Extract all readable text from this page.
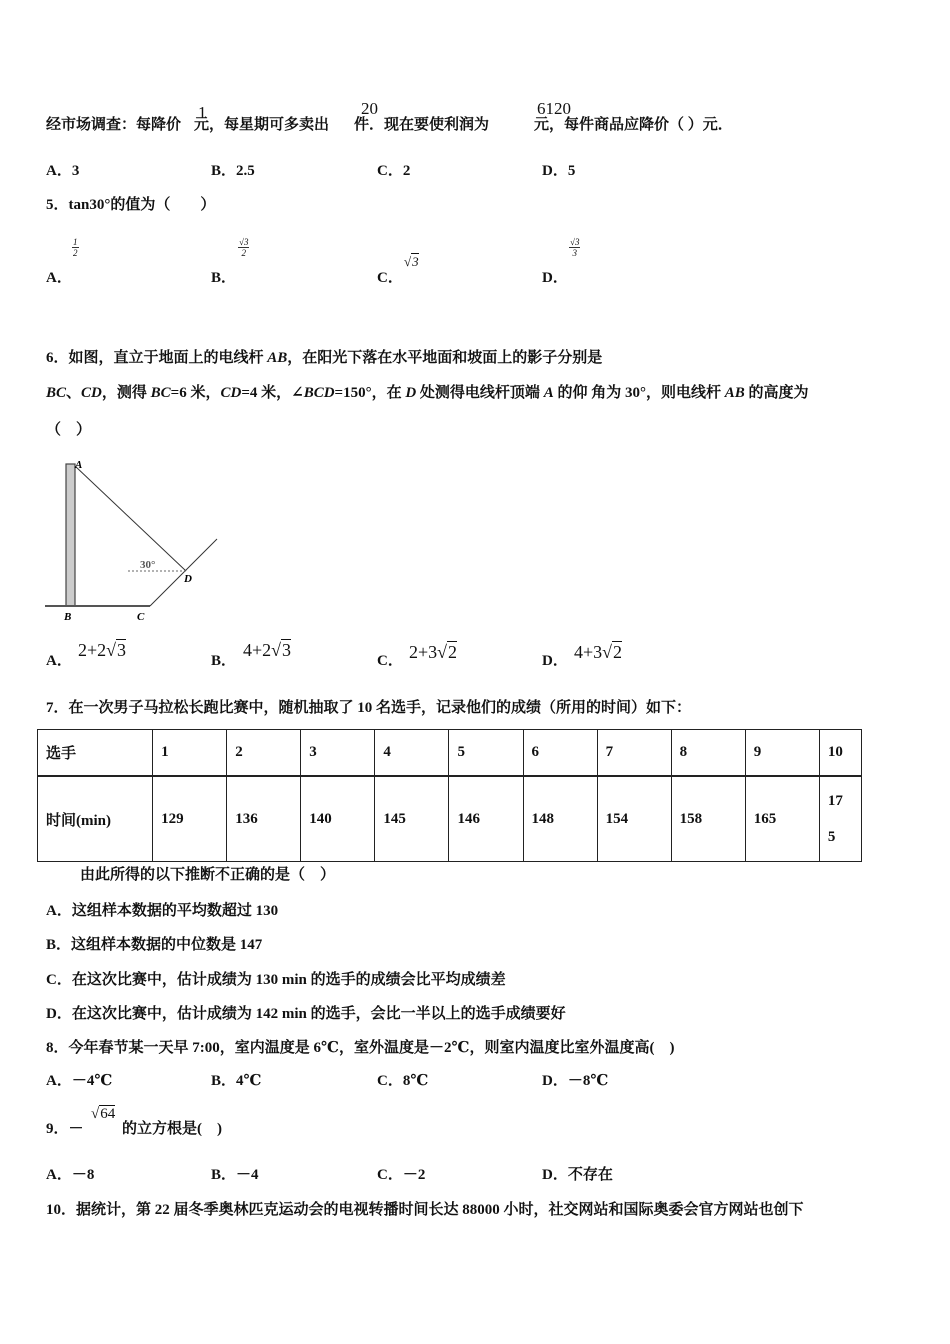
经市场调查：每降价 元，每星期可多卖出 件．现在要使利润为	元，每件商品应降价（ ）元．
1	20	6120
A．3	B．2.5	C．2	D．5
5．tan30°的值为（　　）
A．	B．	C．	D．
$\frac{1}{2}$	$\frac{√3}{2}$
√3
$\frac{√3}{3}$
6．如图，直立于地面上的电线杆 AB，在阳光下落在水平地面和坡面上的影子分别是
BC、CD，测得 BC=6 米，CD=4 米，∠BCD=150°，在 D 处测得电线杆顶端 A 的仰 角为 30°，则电线杆 AB 的高度为
（　）
A
B	C
D
30°
A．	B．	C．	D．
2+2√3	4+2√3	2+3√2	4+3√2
7．在一次男子马拉松长跑比赛中，随机抽取了 10 名选手，记录他们的成绩（所用的时间）如下：
选手	1	2	3	4	5	6	7	8	9	10
时间(min)	129	136	140	145	146	148	154	158	165	17 5
由此所得的以下推断不正确的是（　）
A．这组样本数据的平均数超过 130
B．这组样本数据的中位数是 147
C．在这次比赛中，估计成绩为 130 min 的选手的成绩会比平均成绩差
D．在这次比赛中，估计成绩为 142 min 的选手，会比一半以上的选手成绩要好
8．今年春节某一天早 7:00，室内温度是 6℃，室外温度是－2℃，则室内温度比室外温度高(　)
A．－4℃	B．4℃	C．8℃	D．－8℃
9．－
√64
的立方根是(　)
A．－8	B．－4	C．－2	D．不存在
10．据统计，第 22 届冬季奥林匹克运动会的电视转播时间长达 88000 小时，社交网站和国际奥委会官方网站也创下
